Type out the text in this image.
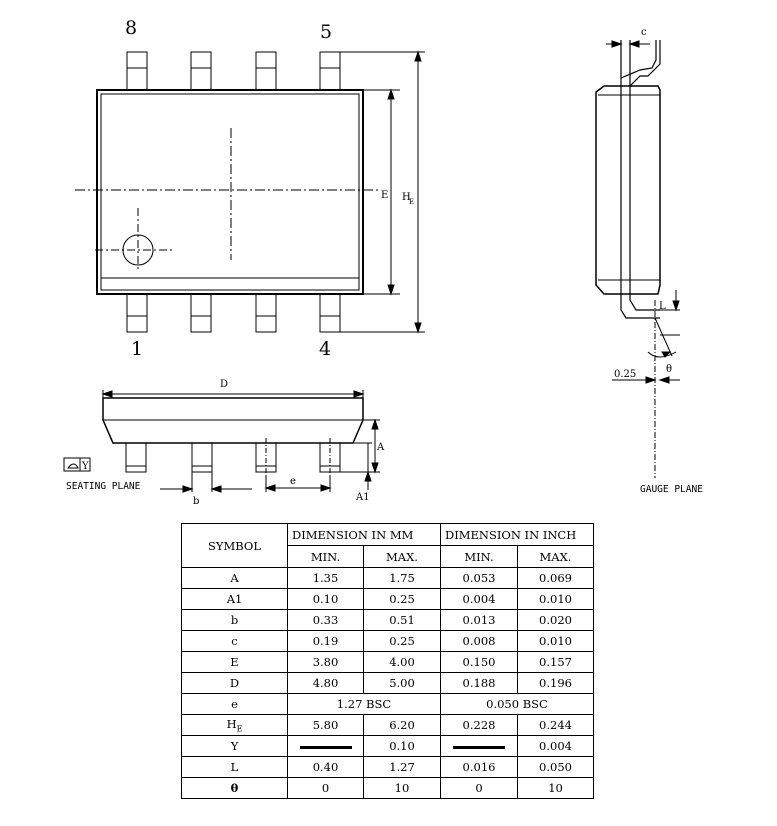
8	5
1	4
E H
E
D
A
A1
b
e
Y
SEATING PLANE
c
L
θ
0.25
GAUGE PLANE
SYMBOL	DIMENSION IN MM		DIMENSION IN INCH	
	MIN.	MAX.	MIN.	MAX.
A	1.35	1.75	0.053	0.069
A1	0.10	0.25	0.004	0.010
b	0.33	0.51	0.013	0.020
c	0.19	0.25	0.008	0.010
E	3.80	4.00	0.150	0.157
D	4.80	5.00	0.188	0.196
e	1.27 BSC		0.050 BSC	
$H_E$	5.80	6.20	0.228	0.244
Y		0.10		0.004
L	0.40	1.27	0.016	0.050
θ	0	10	0	10
